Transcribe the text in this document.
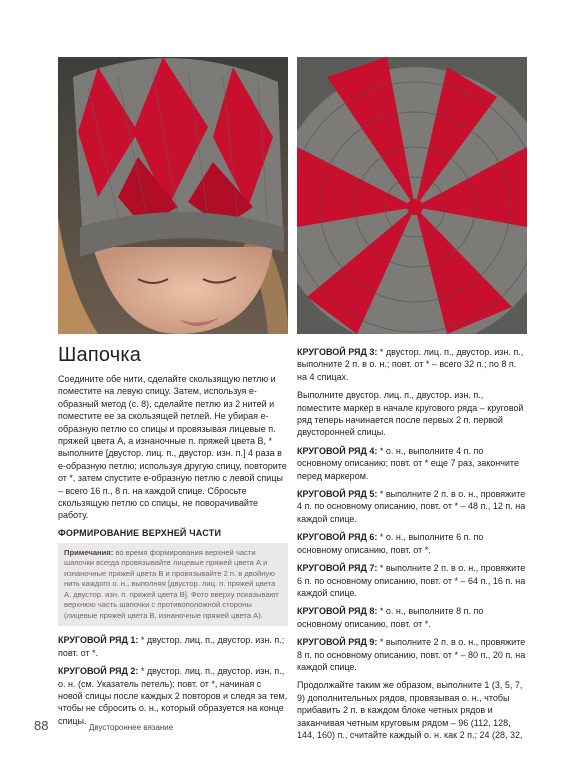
Шапочка

Соедините обе нити, сделайте скользящую петлю и поместите на левую спицу. Затем, используя е-образный метод (с. 8), сделайте петлю из 2 нитей и поместите ее за скользящей петлей. Не убирая е-образную петлю со спицы и провязывая лицевые п. пряжей цвета А, а изнаночные п. пряжей цвета В, * выполните [двустор. лиц. п., двустор. изн. п.] 4 раза в е-образную петлю; используя другую спицу, повторите от *, затем спустите е-образную петлю с левой спицы – всего 16 п., 8 п. на каждой спице. Сбросьте скользящую петлю со спицы, не поворачивайте работу.

ФОРМИРОВАНИЕ ВЕРХНЕЙ ЧАСТИ
Примечания: во время формирования верхней части шапочки всегда провязывайте лицевые пряжей цвета А и изнаночные пряжей цвета В и провязывайте 2 п. в двойную нить каждого о. н., выполняя [двустор. лиц. п. пряжей цвета А, двустор. изн. п. пряжей цвета В]. Фото вверху показывают верхнюю часть шапочки с противоположной стороны (лицевые пряжей цвета В, изнаночные пряжей цвета А).

КРУГОВОЙ РЯД 1: * двустор. лиц. п., двустор. изн. п.; повт. от *.

КРУГОВОЙ РЯД 2: * двустор. лиц. п., двустор. изн. п., о. н. (см. Указатель петель); повт. от *, начиная с новой спицы после каждых 2 повторов и следя за тем, чтобы не сбросить о. н., который образуется на конце спицы.

КРУГОВОЙ РЯД 3: * двустор. лиц. п., двустор. изн. п., выполните 2 п. в о. н.; повт. от * – всего 32 п.; по 8 п. на 4 спицах.

Выполните двустор. лиц. п., двустор. изн. п., поместите маркер в начале кругового ряда – круговой ряд теперь начинается после первых 2 п. первой двусторонней спицы.

КРУГОВОЙ РЯД 4: * о. н., выполните 4 п. по основному описанию; повт. от * еще 7 раз, закончите перед маркером.

КРУГОВОЙ РЯД 5: * выполните 2 п. в о. н., провяжите 4 п. по основному описанию, повт. от * – 48 п., 12 п. на каждой спице.

КРУГОВОЙ РЯД 6: * о. н., выполните 6 п. по основному описанию, повт. от *.

КРУГОВОЙ РЯД 7: * выполните 2 п. в о. н., провяжите 6 п. по основному описанию, повт. от * – 64 п., 16 п. на каждой спице.

КРУГОВОЙ РЯД 8: * о. н., выполните 8 п. по основному описанию, повт. от *.

КРУГОВОЙ РЯД 9: * выполните 2 п. в о. н., провяжите 8 п. по основному описанию, повт. от * – 80 п., 20 п. на каждой спице.

Продолжайте таким же образом, выполните 1 (3, 5, 7, 9) дополнительных рядов, провязывая о. н., чтобы прибавить 2 п. в каждом блоке четных рядов и заканчивая четным круговым рядом – 96 (112, 128, 144, 160) п., считайте каждый о. н. как 2 п.; 24 (28, 32,

88	Двустороннее вязание
